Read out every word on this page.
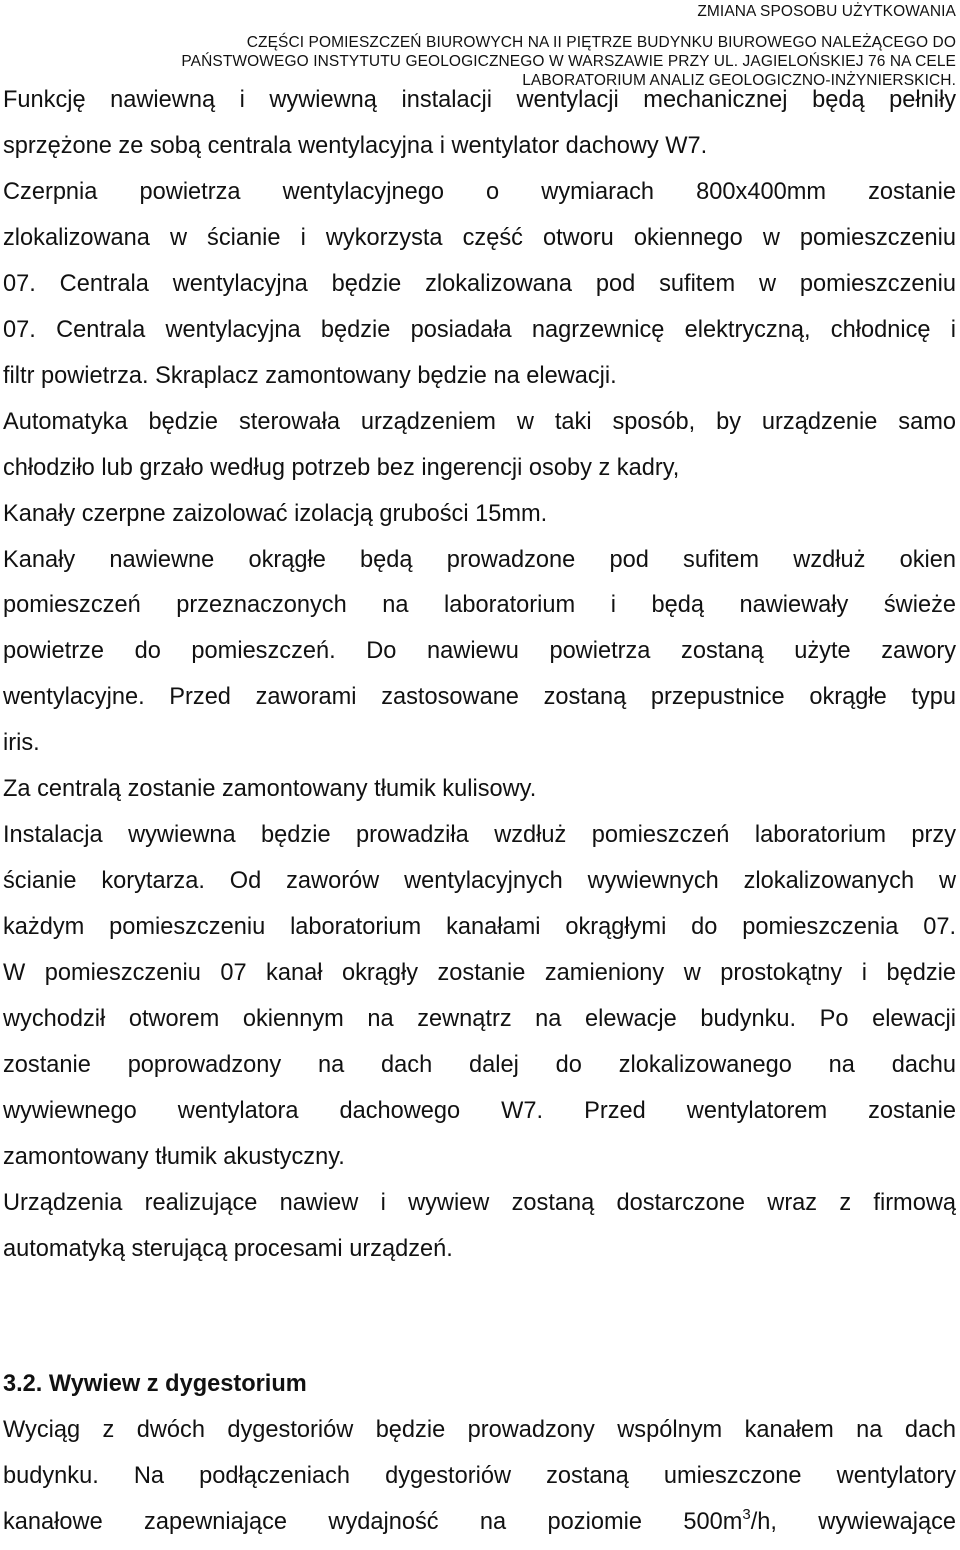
ZMIANA SPOSOBU UŻYTKOWANIA
CZĘŚCI POMIESZCZEŃ BIUROWYCH NA II PIĘTRZE BUDYNKU BIUROWEGO NALEŻĄCEGO DO
PAŃSTWOWEGO INSTYTUTU GEOLOGICZNEGO W WARSZAWIE PRZY UL. JAGIELOŃSKIEJ 76 NA CELE
LABORATORIUM ANALIZ GEOLOGICZNO-INŻYNIERSKICH.
Funkcję nawiewną i wywiewną instalacji wentylacji mechanicznej będą pełniły
sprzężone ze sobą centrala wentylacyjna i wentylator dachowy W7.
Czerpnia powietrza wentylacyjnego o wymiarach 800x400mm zostanie
zlokalizowana w ścianie i wykorzysta część otworu okiennego w pomieszczeniu
07. Centrala wentylacyjna będzie zlokalizowana pod sufitem w pomieszczeniu
07. Centrala wentylacyjna będzie posiadała nagrzewnicę elektryczną, chłodnicę i
filtr powietrza. Skraplacz zamontowany będzie na elewacji.
Automatyka będzie sterowała urządzeniem w taki sposób, by urządzenie samo
chłodziło lub grzało według potrzeb bez ingerencji osoby z kadry,
Kanały czerpne zaizolować izolacją grubości 15mm.
Kanały nawiewne okrągłe będą prowadzone pod sufitem wzdłuż okien
pomieszczeń przeznaczonych na laboratorium i będą nawiewały świeże
powietrze do pomieszczeń. Do nawiewu powietrza zostaną użyte zawory
wentylacyjne. Przed zaworami zastosowane zostaną przepustnice okrągłe typu
iris.
Za centralą zostanie zamontowany tłumik kulisowy.
Instalacja wywiewna będzie prowadziła wzdłuż pomieszczeń laboratorium przy
ścianie korytarza. Od zaworów wentylacyjnych wywiewnych zlokalizowanych w
każdym pomieszczeniu laboratorium kanałami okrągłymi do pomieszczenia 07.
W pomieszczeniu 07 kanał okrągły zostanie zamieniony w prostokątny i będzie
wychodził otworem okiennym na zewnątrz na elewacje budynku. Po elewacji
zostanie poprowadzony na dach dalej do zlokalizowanego na dachu
wywiewnego wentylatora dachowego W7. Przed wentylatorem zostanie
zamontowany tłumik akustyczny.
Urządzenia realizujące nawiew i wywiew zostaną dostarczone wraz z firmową
automatyką sterującą procesami urządzeń.
3.2. Wywiew z dygestorium
Wyciąg z dwóch dygestoriów będzie prowadzony wspólnym kanałem na dach
budynku. Na podłączeniach dygestoriów zostaną umieszczone wentylatory
kanałowe zapewniające wydajność na poziomie $500m^3/h$, wywiewające
